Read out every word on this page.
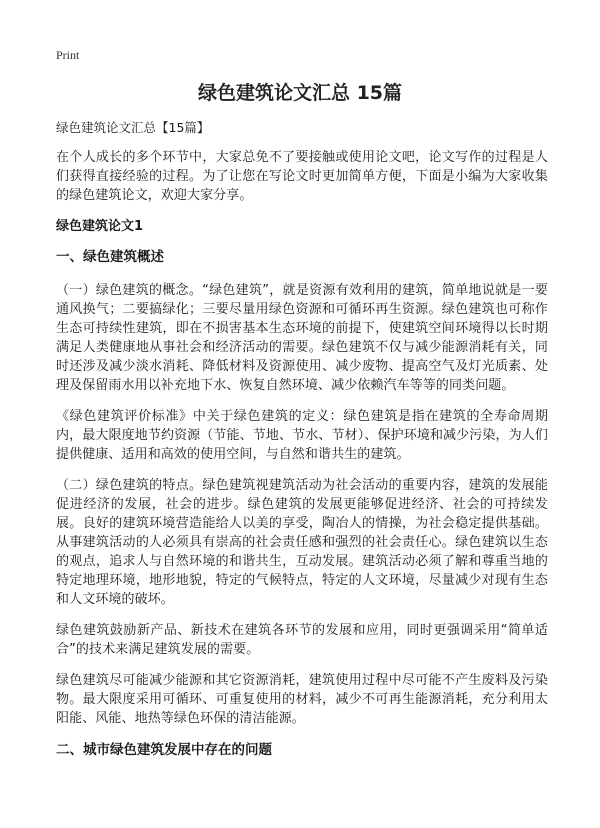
Print
绿色建筑论文汇总 15篇

绿色建筑论文汇总【15篇】

在个人成长的多个环节中，大家总免不了要接触或使用论文吧，论文写作的过程是人们获得直接经验的过程。为了让您在写论文时更加简单方便，下面是小编为大家收集的绿色建筑论文，欢迎大家分享。

绿色建筑论文1

一、绿色建筑概述

（一）绿色建筑的概念。“绿色建筑”，就是资源有效利用的建筑，简单地说就是一要通风换气；二要搞绿化；三要尽量用绿色资源和可循环再生资源。绿色建筑也可称作生态可持续性建筑，即在不损害基本生态环境的前提下，使建筑空间环境得以长时期满足人类健康地从事社会和经济活动的需要。绿色建筑不仅与减少能源消耗有关，同时还涉及减少淡水消耗、降低材料及资源使用、减少废物、提高空气及灯光质素、处理及保留雨水用以补充地下水、恢复自然环境、减少依赖汽车等等的同类问题。

《绿色建筑评价标准》中关于绿色建筑的定义：绿色建筑是指在建筑的全寿命周期内，最大限度地节约资源（节能、节地、节水、节材）、保护环境和减少污染，为人们提供健康、适用和高效的使用空间，与自然和谐共生的建筑。

（二）绿色建筑的特点。绿色建筑视建筑活动为社会活动的重要内容，建筑的发展能促进经济的发展，社会的进步。绿色建筑的发展更能够促进经济、社会的可持续发展。良好的建筑环境营造能给人以美的享受，陶冶人的情操，为社会稳定提供基础。从事建筑活动的人必须具有崇高的社会责任感和强烈的社会责任心。绿色建筑以生态的观点，追求人与自然环境的和谐共生，互动发展。建筑活动必须了解和尊重当地的特定地理环境，地形地貌，特定的气候特点，特定的人文环境，尽量减少对现有生态和人文环境的破坏。

绿色建筑鼓励新产品、新技术在建筑各环节的发展和应用，同时更强调采用“简单适合”的技术来满足建筑发展的需要。

绿色建筑尽可能减少能源和其它资源消耗，建筑使用过程中尽可能不产生废料及污染物。最大限度采用可循环、可重复使用的材料，减少不可再生能源消耗，充分利用太阳能、风能、地热等绿色环保的清洁能源。

二、城市绿色建筑发展中存在的问题
